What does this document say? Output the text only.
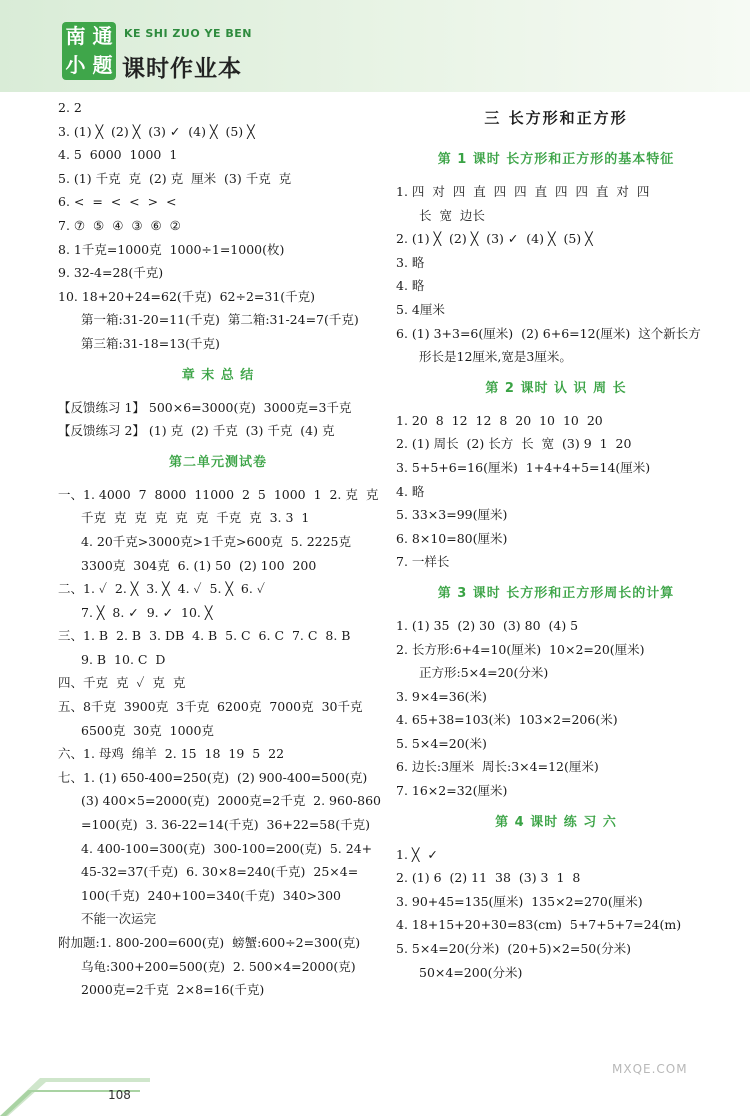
南 通
小 题
KE SHI ZUO YE BEN
课时作业本
2. 2
3. (1) ╳  (2) ╳  (3) ✓  (4) ╳  (5) ╳
4. 5  6000  1000  1
5. (1) 千克  克  (2) 克  厘米  (3) 千克  克
6. <  =  <  <  >  <
7. ⑦  ⑤  ④  ③  ⑥  ②
8. 1千克=1000克  1000÷1=1000(枚)
9. 32-4=28(千克)
10. 18+20+24=62(千克)  62÷2=31(千克)
第一箱:31-20=11(千克)  第二箱:31-24=7(千克)
第三箱:31-18=13(千克)
章 末 总 结
【反馈练习 1】 500×6=3000(克)  3000克=3千克
【反馈练习 2】 (1) 克  (2) 千克  (3) 千克  (4) 克
第二单元测试卷
一、1. 4000  7  8000  11000  2  5  1000  1  2. 克  克
千克  克  克  克  克  克  千克  克  3. 3  1
4. 20千克>3000克>1千克>600克  5. 2225克
3300克  304克  6. (1) 50  (2) 100  200
二、1. ✓  2. ╳  3. ╳  4. ✓  5. ╳  6. ✓
7. ╳  8. ✓  9. ✓  10. ╳
三、1. B  2. B  3. DB  4. B  5. C  6. C  7. C  8. B
9. B  10. C  D
四、千克  克  ✓  克  克
五、8千克  3900克  3千克  6200克  7000克  30千克
6500克  30克  1000克
六、1. 母鸡  绵羊  2. 15  18  19  5  22
七、1. (1) 650-400=250(克)  (2) 900-400=500(克)
(3) 400×5=2000(克)  2000克=2千克  2. 960-860
=100(克)  3. 36-22=14(千克)  36+22=58(千克)
4. 400-100=300(克)  300-100=200(克)  5. 24+
45-32=37(千克)  6. 30×8=240(千克)  25×4=
100(千克)  240+100=340(千克)  340>300
不能一次运完
附加题:1. 800-200=600(克)  螃蟹:600÷2=300(克)
乌龟:300+200=500(克)  2. 500×4=2000(克)
2000克=2千克  2×8=16(千克)
三 长方形和正方形
第 1 课时 长方形和正方形的基本特征
1. 四  对  四  直  四  四  直  四  四  直  对  四
长  宽  边长
2. (1) ╳  (2) ╳  (3) ✓  (4) ╳  (5) ╳
3. 略
4. 略
5. 4厘米
6. (1) 3+3=6(厘米)  (2) 6+6=12(厘米)  这个新长方
形长是12厘米,宽是3厘米。
第 2 课时 认 识 周 长
1. 20  8  12  12  8  20  10  10  20
2. (1) 周长  (2) 长方  长  宽  (3) 9  1  20
3. 5+5+6=16(厘米)  1+4+4+5=14(厘米)
4. 略
5. 33×3=99(厘米)
6. 8×10=80(厘米)
7. 一样长
第 3 课时 长方形和正方形周长的计算
1. (1) 35  (2) 30  (3) 80  (4) 5
2. 长方形:6+4=10(厘米)  10×2=20(厘米)
正方形:5×4=20(分米)
3. 9×4=36(米)
4. 65+38=103(米)  103×2=206(米)
5. 5×4=20(米)
6. 边长:3厘米  周长:3×4=12(厘米)
7. 16×2=32(厘米)
第 4 课时 练 习 六
1. ╳  ✓
2. (1) 6  (2) 11  38  (3) 3  1  8
3. 90+45=135(厘米)  135×2=270(厘米)
4. 18+15+20+30=83(cm)  5+7+5+7=24(m)
5. 5×4=20(分米)  (20+5)×2=50(分米)
50×4=200(分米)
108
MXQE.COM
